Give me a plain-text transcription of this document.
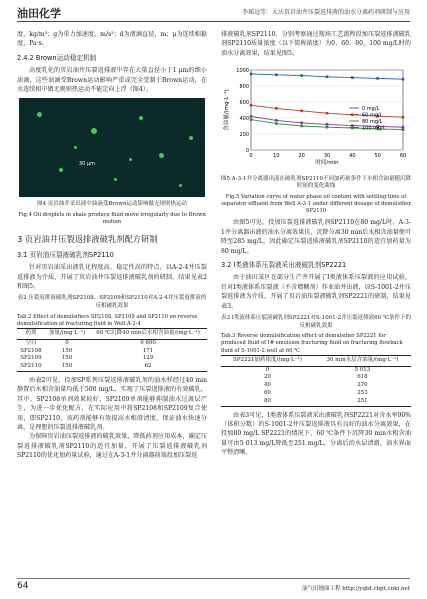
油田化学	李瑶远等：大庆页岩油井压裂返排液的油水分离药剂研制与应用

度，kg/m³；g为重力加速度，m/s²；d为液滴直径，m；μ为连续相黏度，Pa·s。

2.4.2 Brown运动稳定机制

高度乳化的页岩油井压裂返排液中存在大量直径小于1 μm的细小油滴，这些油滴受Brown运动影响严重或完全受制于Brown运动，在水连续相中做无规则热运动不能定向上浮（图4）。

30 μm
图4 页岩油井采出液中油滴受Brown运动影响做无规则热运动
Fig.4 Oil droplets in shale produce fluid move irregularly due to Brown motion
3 页岩油井压裂返排液破乳剂配方研制
3.1 页岩油压裂液破乳剂SP2110

针对页岩油采出液乳化程度高、稳定性高的特点，以A-2-4井压裂返排液为介质，开展了页岩油井压裂返排液破乳剂的研制，结果见表2和图5。

表2 压裂返排液破乳剂SP2108、SP2109和SP2110对A-2-4井压裂返排液的反相破乳效果
Tab.2 Effect of demulsifiers SP2108, SP2109 and SP2110 on reverse demulsification of fracturing fluid in Well A-2-4
药剂	加量/(mg·L⁻¹)	60 ℃沉降40 min后水相含油量/(mg·L⁻¹)
空白	0	9 600
SP2108	150	171
SP2109	150	129
SP2110	150	62

由表2可见，投加SP系列压裂返排液破乳剂的油水样经过40 min静置后水相含油量均低于500 mg/L，实现了压裂返排液的有效破乳。其中，SP2108单剂效果较好，SP2109单剂能够抑制油水过渡层产生，为进一步优化配方，在实际应用中将SP2108和SP2109复合使用，即SP2110，该药剂能够有效提高水相澄清度，保证油水快速分离，是理想的压裂返排液破乳剂。

为保障页岩油压裂返排液的破乳效果，降低药剂应用成本，确定压裂返排液破乳剂SP2110的适宜加量，开展了压裂返排液破乳剂SP2110的优化加药量试验，通过在A-3-1井分离器前端投加压裂返

排液破乳剂SP2110，分别考察通过现场工艺流程投加压裂返排液破乳剂SP2110质量浓度（以下简称浓度）为0、60、80、100 mg/L时的油水分离效果，结果见图5。

0
200
400
600
800
1000
0	10	20	30	40	50	60
时间/min
含油量/(mg·L⁻¹)	0 mg/L
60 mg/L
80 mg/L
100 mg/L
图5 A-3-1井分离器出液在破乳剂SP2110不同加药量条件下水相含油量随沉降时间的变化曲线
Fig.5 Variation curve of water phase oil content with settling time of separator effluent from Well A-3-1 under different dosage of demulsifier SP2110

由图5可见，投加压裂返排液破乳剂SP2110在80 mg/L时，A-3-1井分离器出液的油水分离效果佳，沉降分离30 min后水相含油量便可降至285 mg/L，因此确定压裂返排液破乳剂SP2110的适宜加药量为80 mg/L。

3.2 I类液体系压裂液采出液破乳剂SP2221

由于油田某区在部分生产井开展了I类液体系压裂液的应用试验，针对I类液体系压裂液（不含增稠剂）作业油井出液，以S-1001-2井压裂返排液为介质，开展了页岩油压裂液破乳剂SP2221的研制，结果见表3。

表3 I类液体系压裂液破乳剂SP2221对S-1001-2井压裂返排液60 ℃条件下的反相破乳效果
Tab.3 Reverse demulsification effect of demulsifier SP2221 for produced fluid of I# emulsion fracturing fluid on fracturing flowback fluid of S-1001-2 well at 60 ℃
SP2221加药浓度/(mg·L⁻¹)	30 min水层含油量/(mg·L⁻¹)
0	5 013
20	618
40	270
60	253
80	251

由表3可见，I类液体系压裂液采出液破乳剂SP2221对含水率90%（体积分数）的S-1001-2井压裂返排液具有良好的油水分离效果，在投加80 mg/L SP2221的情况下，60 ℃条件下沉降30 min水相含油量可由5 013 mg/L降低至251 mg/L，分离后的水层清澈，油水界面平整清晰。

64	油气田地面工程 http://yqtd.cbpt.cnki.net
